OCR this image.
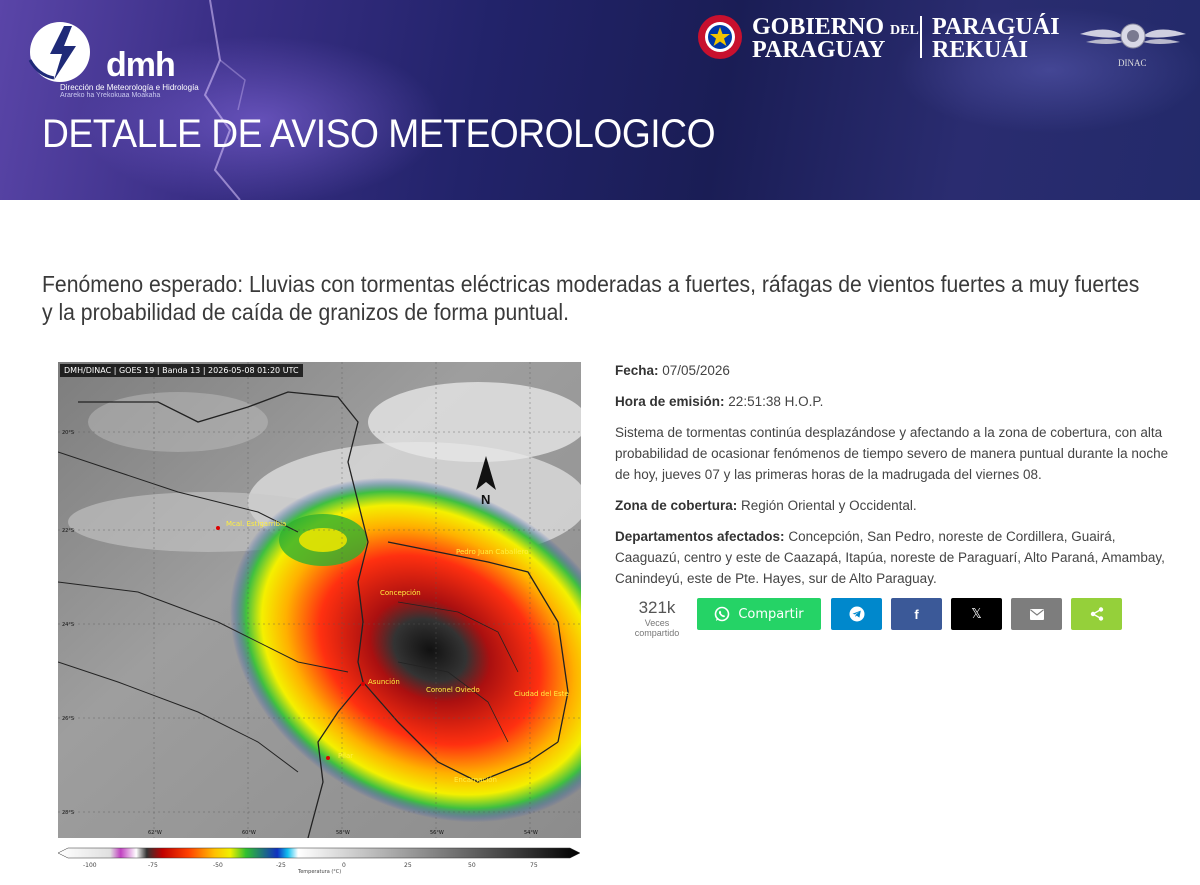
dmh
Dirección de Meteorología e Hidrología
Arareko ha Yrekokuaa Moakaha
DETALLE DE AVISO METEOROLOGICO
GOBIERNO DEL
PARAGUAY
PARAGUÁI
REKUÁI	DINAC
Fenómeno esperado: Lluvias con tormentas eléctricas moderadas a fuertes, ráfagas de vientos fuertes a muy fuertes y la probabilidad de caída de granizos de forma puntual.
N
Mcal. Estigarribia
Pedro Juan Caballero
Concepción
Asunción
Coronel Oviedo	Ciudad del Este
Pilar
Encarnación
20°S
22°S
24°S
26°S
28°S
62°W	60°W	58°W	56°W	54°W
DMH/DINAC | GOES 19 | Banda 13 | 2026-05-08 01:20 UTC
-100	-75	-50	-25	0	25	50	75
Temperatura (°C)

Fecha: 07/05/2026

Hora de emisión: 22:51:38 H.O.P.

Sistema de tormentas continúa desplazándose y afectando a la zona de cobertura, con alta probabilidad de ocasionar fenómenos de tiempo severo de manera puntual durante la noche de hoy, jueves 07 y las primeras horas de la madrugada del viernes 08.

Zona de cobertura: Región Oriental y Occidental.

Departamentos afectados: Concepción, San Pedro, noreste de Cordillera, Guairá, Caaguazú, centro y este de Caazapá, Itapúa, noreste de Paraguarí, Alto Paraná, Amambay, Canindeyú, este de Pte. Hayes, sur de Alto Paraguay.

321k
Veces
compartido
Compartir	f	𝕏
